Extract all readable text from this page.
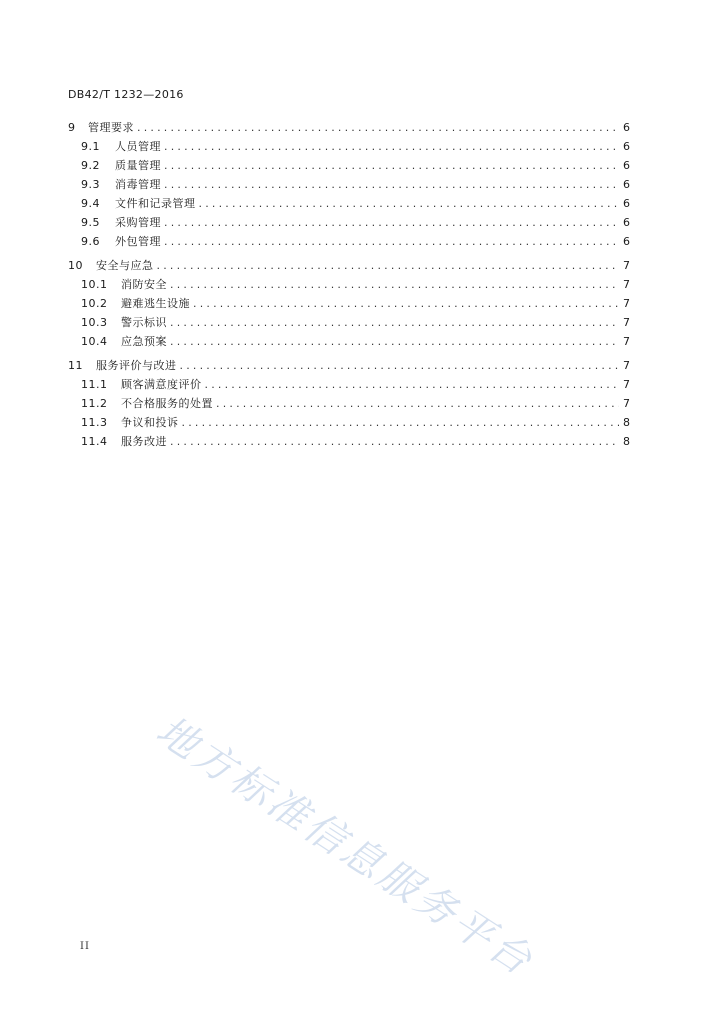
DB42/T 1232—2016
9	管理要求 .....	6
9.1	人员管理 .....	6
9.2	质量管理 .....	6
9.3	消毒管理 .....	6
9.4	文件和记录管理 .....	6
9.5	采购管理 .....	6
9.6	外包管理 .....	6
10	安全与应急 .....	7
10.1	消防安全 .....	7
10.2	避难逃生设施 .....	7
10.3	警示标识 .....	7
10.4	应急预案 .....	7
11	服务评价与改进 .....	7
11.1	顾客满意度评价 .....	7
11.2	不合格服务的处置 .....	7
11.3	争议和投诉 .....	8
11.4	服务改进 .....	8
地方标准信息服务平台
II
